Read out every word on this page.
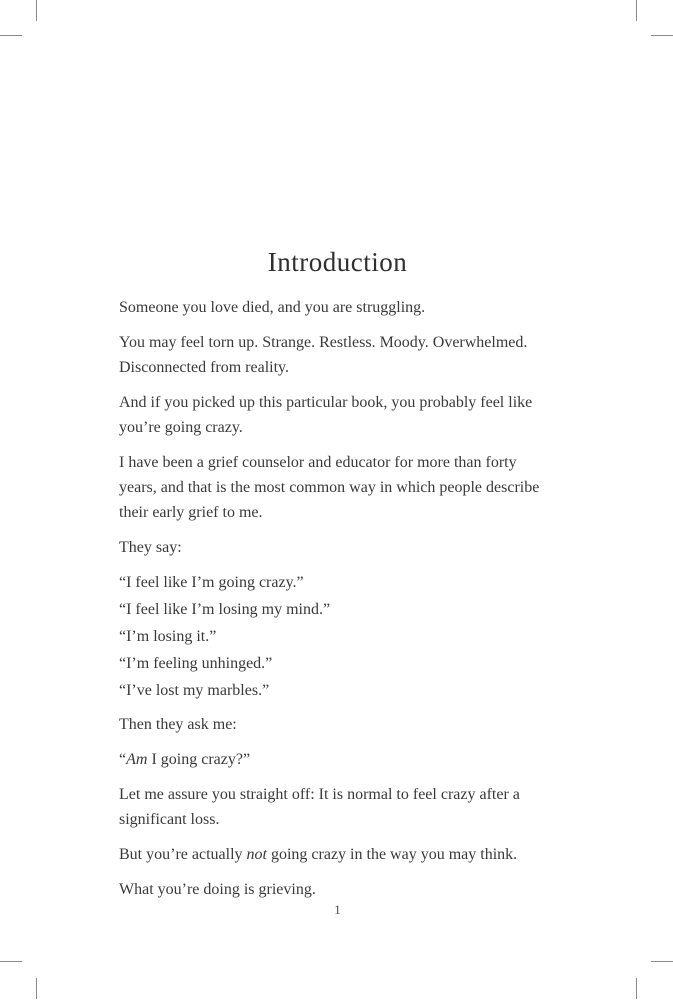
Introduction

Someone you love died, and you are struggling.

You may feel torn up. Strange. Restless. Moody. Overwhelmed.
Disconnected from reality.

And if you picked up this particular book, you probably feel like
you’re going crazy.

I have been a grief counselor and educator for more than forty
years, and that is the most common way in which people describe
their early grief to me.

They say:

“I feel like I’m going crazy.”

“I feel like I’m losing my mind.”

“I’m losing it.”

“I’m feeling unhinged.”

“I’ve lost my marbles.”

Then they ask me:

“Am I going crazy?”

Let me assure you straight off: It is normal to feel crazy after a
significant loss.

But you’re actually not going crazy in the way you may think.

What you’re doing is grieving.

1
